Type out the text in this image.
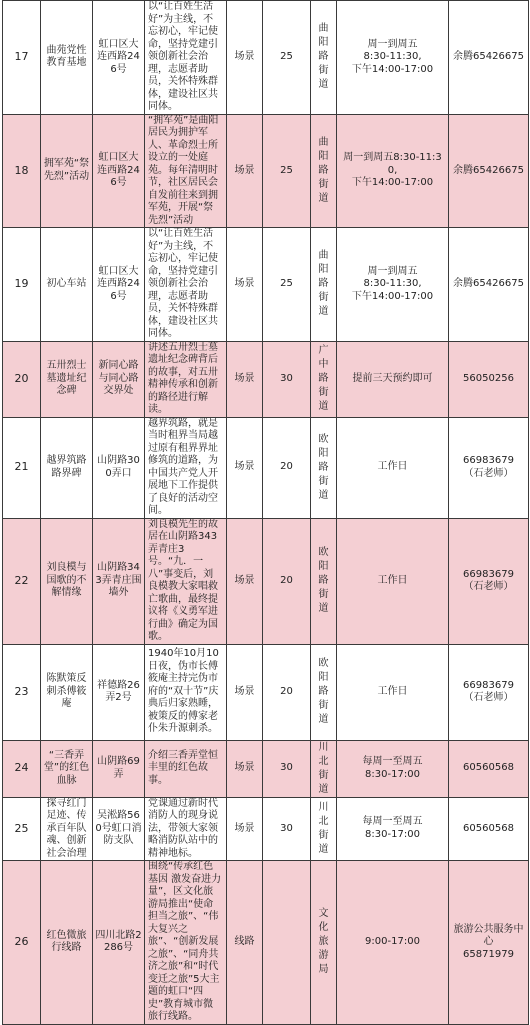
17	曲苑党性教育基地	虹口区大连西路246号	以“让百姓生活好”为主线，不忘初心，牢记使命，坚持党建引领创新社会治理，志愿者助员，关怀特殊群体，建设社区共同体。	场景	25	曲阳路街道	周一到周五
8:30-11:30,
下午14:00-17:00	余腾65426675
18	拥军苑“祭先烈”活动	虹口区大连西路246号	“拥军苑”是曲阳居民为拥护军人、革命烈士所设立的一处庭苑。每年清明时节，社区居民会自发前往来到拥军苑，开展“祭先烈”活动	场景	25	曲阳路街道	周一到周五8:30-11:30,
下午14:00-17:00	余腾65426675
19	初心车站	虹口区大连西路246号	以“让百姓生活好”为主线，不忘初心，牢记使命，坚持党建引领创新社会治理，志愿者助员，关怀特殊群体，建设社区共同体。	场景	25	曲阳路街道	周一到周五
8:30-11:30,
下午14:00-17:00	余腾65426675
20	五卅烈士墓遗址纪念碑	新同心路与同心路交界处	讲述五卅烈士墓遗址纪念碑背后的故事，对五卅精神传承和创新的路径进行解读。	场景	30	广中路街道	提前三天预约即可	56050256
21	越界筑路路界碑	山阴路300弄口	越界筑路，就是当时租界当局越过原有租界界址修筑的道路，为中国共产党人开展地下工作提供了良好的活动空间。	场景	20	欧阳路街道	工作日	66983679
（石老师）
22	刘良模与国歌的不解情缘	山阴路343弄青庄围墙外	刘良模先生的故居在山阴路343弄青庄3号。“九．一八”事变后，刘良模教大家唱救亡歌曲，最终提议将《义勇军进行曲》确定为国歌。	场景	20	欧阳路街道	工作日	66983679
（石老师）
23	陈默策反刺杀傅筱庵	祥德路26弄2号	1940年10月10日夜，伪市长傅筱庵主持完伪市府的“双十节”庆典后归家熟睡，被策反的傅家老仆朱升源刺杀。	场景	20	欧阳路街道	工作日	66983679
（石老师）
24	“三香弄堂”的红色血脉	山阴路69弄	介绍三香弄堂恒丰里的红色故事。	场景	30	川北街道	每周一至周五
8:30-17:00	60560568
25	探寻红门足迹、传承百年队魂、创新社会治理	吴淞路560号虹口消防支队	党课通过新时代消防人的现身说法，带领大家领略消防队站中的精神地标。	场景	30	川北街道	每周一至周五
8:30-17:00	60560568
26	红色微旅行线路	四川北路2286号	围绕“传承红色基因 激发奋进力量”，区文化旅游局推出“使命担当之旅”、“伟大复兴之旅”、“创新发展之旅”、“同舟共济之旅”和“时代变迁之旅”5大主题的虹口“四史”教育城市微旅行线路。	线路		文化旅游局	9:00-17:00	旅游公共服务中心
65871979
